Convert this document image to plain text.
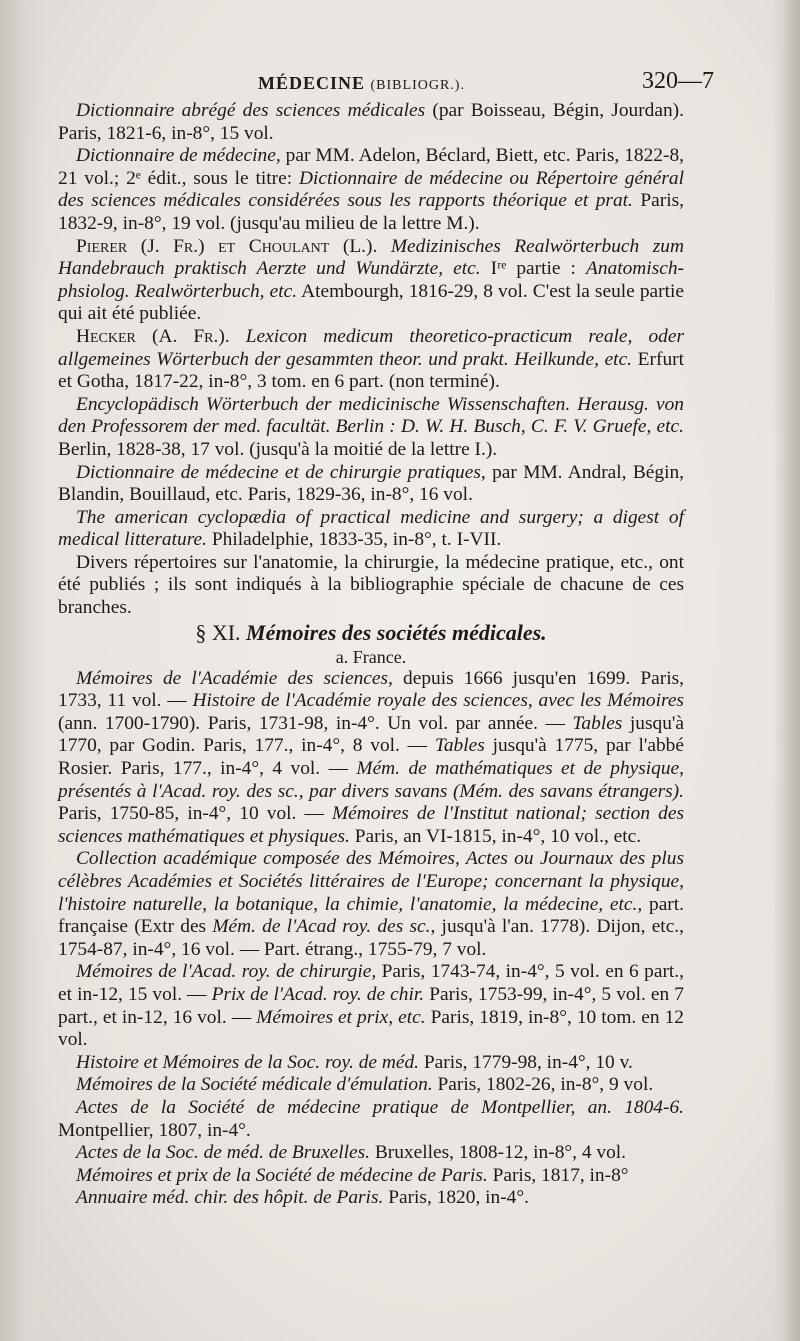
MÉDECINE (BIBLIOGR.).	320—7

Dictionnaire abrégé des sciences médicales (par Boisseau, Bégin, Jourdan). Paris, 1821-6, in-8°, 15 vol.

Dictionnaire de médecine, par MM. Adelon, Béclard, Biett, etc. Paris, 1822-8, 21 vol.; 2ᵉ édit., sous le titre: Dictionnaire de médecine ou Répertoire général des sciences médicales considérées sous les rapports théorique et prat. Paris, 1832-9, in-8°, 19 vol. (jusqu'au milieu de la lettre M.).

Pierer (J. Fr.) et Choulant (L.). Medizinisches Realwörterbuch zum Handebrauch praktisch Aerzte und Wundärzte, etc. Iʳᵉ partie : Anatomisch-phsiolog. Realwörterbuch, etc. Atembourgh, 1816-29, 8 vol. C'est la seule partie qui ait été publiée.

Hecker (A. Fr.). Lexicon medicum theoretico-practicum reale, oder allgemeines Wörterbuch der gesammten theor. und prakt. Heilkunde, etc. Erfurt et Gotha, 1817-22, in-8°, 3 tom. en 6 part. (non terminé).

Encyclopädisch Wörterbuch der medicinische Wissenschaften. Herausg. von den Professorem der med. facultät. Berlin : D. W. H. Busch, C. F. V. Gruefe, etc. Berlin, 1828-38, 17 vol. (jusqu'à la moitié de la lettre I.).

Dictionnaire de médecine et de chirurgie pratiques, par MM. Andral, Bégin, Blandin, Bouillaud, etc. Paris, 1829-36, in-8°, 16 vol.

The american cyclopædia of practical medicine and surgery; a digest of medical litterature. Philadelphie, 1833-35, in-8°, t. I-VII.

Divers répertoires sur l'anatomie, la chirurgie, la médecine pratique, etc., ont été publiés ; ils sont indiqués à la bibliographie spéciale de chacune de ces branches.

§ XI. Mémoires des sociétés médicales.

a. France.

Mémoires de l'Académie des sciences, depuis 1666 jusqu'en 1699. Paris, 1733, 11 vol. — Histoire de l'Académie royale des sciences, avec les Mémoires (ann. 1700-1790). Paris, 1731-98, in-4°. Un vol. par année. — Tables jusqu'à 1770, par Godin. Paris, 177., in-4°, 8 vol. — Tables jusqu'à 1775, par l'abbé Rosier. Paris, 177., in-4°, 4 vol. — Mém. de mathématiques et de physique, présentés à l'Acad. roy. des sc., par divers savans (Mém. des savans étrangers). Paris, 1750-85, in-4°, 10 vol. — Mémoires de l'Institut national; section des sciences mathématiques et physiques. Paris, an VI-1815, in-4°, 10 vol., etc.

Collection académique composée des Mémoires, Actes ou Journaux des plus célèbres Académies et Sociétés littéraires de l'Europe; concernant la physique, l'histoire naturelle, la botanique, la chimie, l'anatomie, la médecine, etc., part. française (Extr des Mém. de l'Acad roy. des sc., jusqu'à l'an. 1778). Dijon, etc., 1754-87, in-4°, 16 vol. — Part. étrang., 1755-79, 7 vol.

Mémoires de l'Acad. roy. de chirurgie, Paris, 1743-74, in-4°, 5 vol. en 6 part., et in-12, 15 vol. — Prix de l'Acad. roy. de chir. Paris, 1753-99, in-4°, 5 vol. en 7 part., et in-12, 16 vol. — Mémoires et prix, etc. Paris, 1819, in-8°, 10 tom. en 12 vol.

Histoire et Mémoires de la Soc. roy. de méd. Paris, 1779-98, in-4°, 10 v.

Mémoires de la Société médicale d'émulation. Paris, 1802-26, in-8°, 9 vol.

Actes de la Société de médecine pratique de Montpellier, an. 1804-6. Montpellier, 1807, in-4°.

Actes de la Soc. de méd. de Bruxelles. Bruxelles, 1808-12, in-8°, 4 vol.

Mémoires et prix de la Société de médecine de Paris. Paris, 1817, in-8°

Annuaire méd. chir. des hôpit. de Paris. Paris, 1820, in-4°.
